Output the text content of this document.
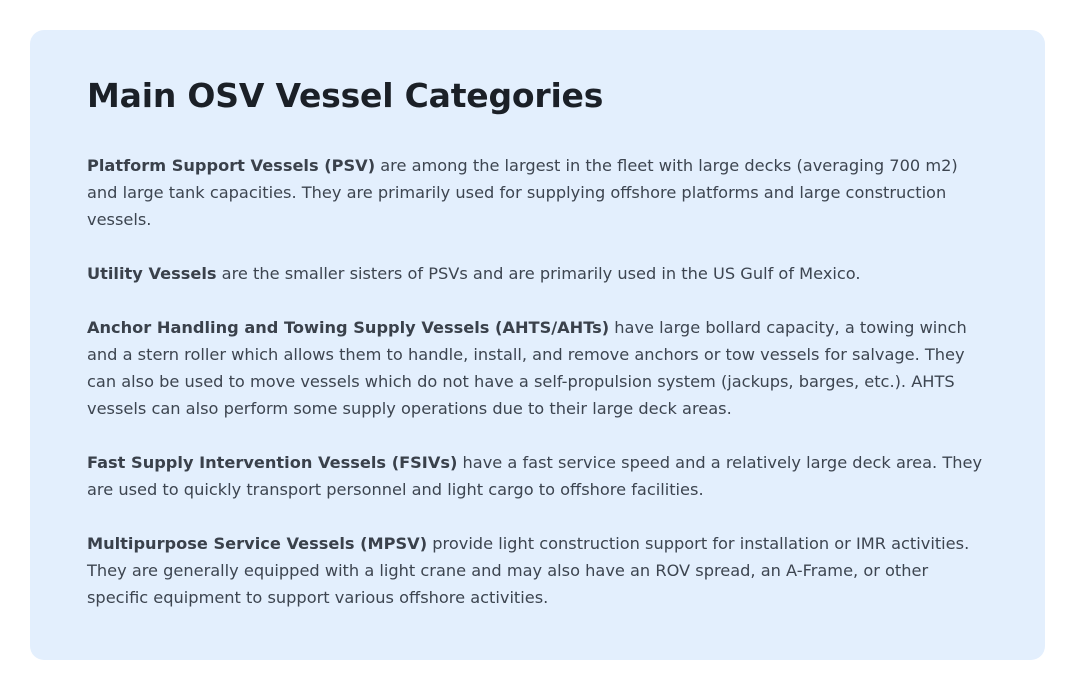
Main OSV Vessel Categories

Platform Support Vessels (PSV) are among the largest in the fleet with large decks (averaging 700 m2) and large tank capacities. They are primarily used for supplying offshore platforms and large construction vessels.

Utility Vessels are the smaller sisters of PSVs and are primarily used in the US Gulf of Mexico.

Anchor Handling and Towing Supply Vessels (AHTS/AHTs) have large bollard capacity, a towing winch and a stern roller which allows them to handle, install, and remove anchors or tow vessels for salvage. They can also be used to move vessels which do not have a self-propulsion system (jackups, barges, etc.). AHTS vessels can also perform some supply operations due to their large deck areas.

Fast Supply Intervention Vessels (FSIVs) have a fast service speed and a relatively large deck area. They are used to quickly transport personnel and light cargo to offshore facilities.

Multipurpose Service Vessels (MPSV) provide light construction support for installation or IMR activities. They are generally equipped with a light crane and may also have an ROV spread, an A-Frame, or other specific equipment to support various offshore activities.
